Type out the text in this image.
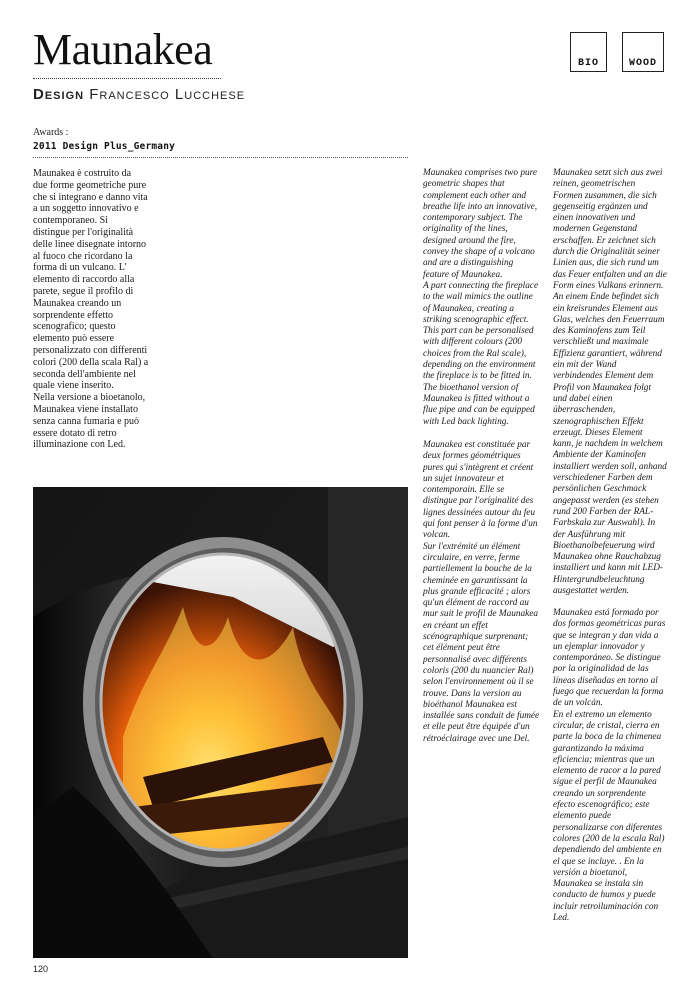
Maunakea
Design Francesco Lucchese
BIO	WOOD
Awards :
2011 Design Plus_Germany
Maunakea è costruito da
due forme geometriche pure
che si integrano e danno vita
a un soggetto innovativo e
contemporaneo. Si
distingue per l'originalità
delle linee disegnate intorno
al fuoco che ricordano la
forma di un vulcano. L'
elemento di raccordo alla
parete, segue il profilo di
Maunakea creando un
sorprendente effetto
scenografico; questo
elemento può essere
personalizzato con differenti
colori (200 della scala Ral) a
seconda dell'ambiente nel
quale viene inserito.
Nella versione a bioetanolo,
Maunakea viene installato
senza canna fumaria e può
essere dotato di retro
illuminazione con Led.
Maunakea comprises two pure
geometric shapes that
complement each other and
breathe life into an innovative,
contemporary subject. The
originality of the lines,
designed around the fire,
convey the shape of a volcano
and are a distinguishing
feature of Maunakea.
A part connecting the fireplace
to the wall mimics the outline
of Maunakea, creating a
striking scenographic effect.
This part can be personalised
with different colours (200
choices from the Ral scale),
depending on the environment
the fireplace is to be fitted in.
The bioethanol version of
Maunakea is fitted without a
flue pipe and can be equipped
with Led back lighting.
Maunakea est constituée par
deux formes géométriques
pures qui s'intègrent et créent
un sujet innovateur et
contemporain. Elle se
distingue par l'originalité des
lignes dessinées autour du feu
qui font penser à la forme d'un
volcan.
Sur l'extrémité un élément
circulaire, en verre, ferme
partiellement la bouche de la
cheminée en garantissant la
plus grande efficacité ; alors
qu'un élément de raccord au
mur suit le profil de Maunakea
en créant un effet
scénographique surprenant;
cet élément peut être
personnalisé avec différents
coloris (200 du nuancier Ral)
selon l'environnement où il se
trouve. Dans la version au
bioéthanol Maunakea est
installée sans conduit de fumée
et elle peut être équipée d'un
rétroéclairage avec une Del.
Maunakea setzt sich aus zwei
reinen, geometrischen
Formen zusammen, die sich
gegenseitig ergänzen und
einen innovativen und
modernen Gegenstand
erschaffen. Er zeichnet sich
durch die Originalität seiner
Linien aus, die sich rund um
das Feuer entfalten und an die
Form eines Vulkans erinnern.
An einem Ende befindet sich
ein kreisrundes Element aus
Glas, welches den Feuerraum
des Kaminofens zum Teil
verschließt und maximale
Effizienz garantiert, während
ein mit der Wand
verbindendes Element dem
Profil von Maunakea folgt
und dabei einen
überraschenden,
szenographischen Effekt
erzeugt. Dieses Element
kann, je nachdem in welchem
Ambiente der Kaminofen
installiert werden soll, anhand
verschiedener Farben dem
persönlichen Geschmack
angepasst werden (es stehen
rund 200 Farben der RAL-
Farbskala zur Auswahl). In
der Ausführung mit
Bioethanolbefeuerung wird
Maunakea ohne Rauchabzug
installiert und kann mit LED-
Hintergrundbeleuchtung
ausgestattet werden.
Maunakea está formado por
dos formas geométricas puras
que se integran y dan vida a
un ejemplar innovador y
contemporáneo. Se distingue
por la originalidad de las
líneas diseñadas en torno al
fuego que recuerdan la forma
de un volcán.
En el extremo un elemento
circular, de cristal, cierra en
parte la boca de la chimenea
garantizando la máxima
eficiencia; mientras que un
elemento de racor a la pared
sigue el perfil de Maunakea
creando un sorprendente
efecto escenográfico; este
elemento puede
personalizarse con diferentes
colores (200 de la escala Ral)
dependiendo del ambiente en
el que se incluye. . En la
versión a bioetanol,
Maunakea se instala sin
conducto de humos y puede
incluir retroiluminación con
Led.
120
